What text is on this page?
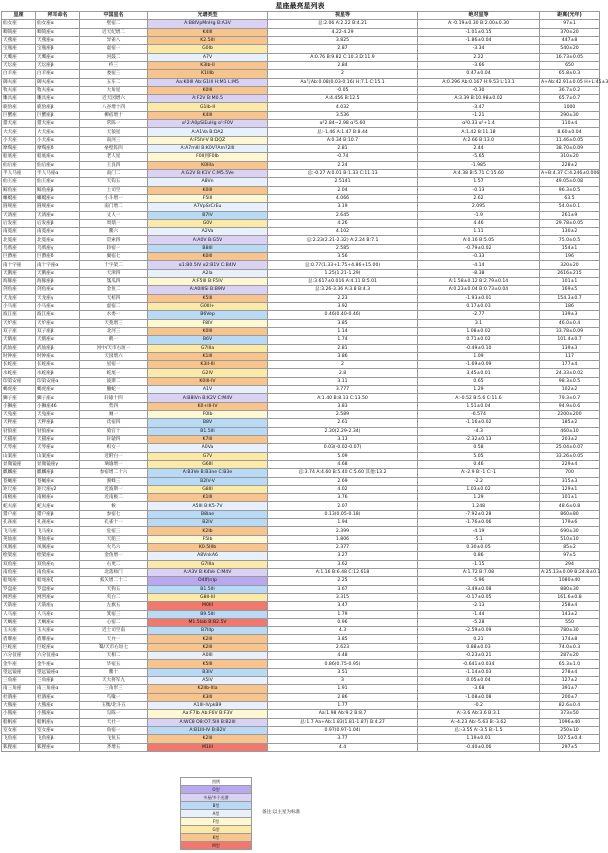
星座最亮星列表
星座	拜耳命名	中国星名	光谱类型	视星等	绝对星等	距离(光年)
仙女座	仙女座α	壁宿二	A:B8IVpMnHg B:A3V	总:2.06 A:2.22 B:4.21	A:-0.19±0.30 B:2.00±0.30	97±1
唧筒座	唧筒座α	近天纪增二	K4III	4.22-4.29	-1.01±0.15	370±20
天燕座	天燕座α	异雀八	K2.5III	3.825	-1.86±0.04	447±8
宝瓶座	宝瓶座β	虚宿一	G0Ib	2.87	-3.34	540±20
天鹰座	天鹰座α	河鼓二	A7V	A:0.76 B:9.82 C:10.3 D:11.9	2.22	16.73±0.05
天坛座	天坛座β	杵三	K3Ib-II	2.84	-3.66	650
白羊座	白羊座α	娄宿三	K1IIIb	2	0.47±0.04	65.8±0.3
御夫座	御夫座α	五车二	Aa:K0III Ab:G1III H:M1 L:M5	Aa与Ab:0.08(0.03-0.16) H:7.1 C:15.1	A:0.296 Ab:0.167 H:9.53 L:13.1	A+Ab:42.91±0.05 H+L:45±3
牧夫座	牧夫座α	大角星	K0III	-0.05	-0.30	36.7±0.2
雕具座	雕具座α	近天园增六	A:F2V B:M0.5	A:4.456 B:12.5	A:3.39 B:10.98±0.02	65.7±0.7
鹿豹座	鹿豹座β	八谷增十四	G1Ib-II	4.032	-3.47	1000
巨蟹座	巨蟹座β	柳宿增十	K4III	3.536	-1.21	290±30
猎犬座	猎犬座α	常陈一	α¹2:A0pSiEuHg α¹:F0V	α²2.84~2.98 α¹5.60	α²0.33 α¹+1.4	110±4
大犬座	大犬座α	天狼星	A:A1Va B:DA2	总:-1.46 A:1.47 B:8.44	A:1.42 B:11.18	8.60±0.04
小犬座	小犬座α	南河三	A:F5IV-V B:DQZ	A:0.34 B:10.7	A:2.66 B:13.0	11.46±0.05
摩羯座	摩羯座δ	垒壁阵四	A:A7mIII B:K0V?Am?2III	2.81	2.44	38.70±0.09
船底座	船底座α	老人星	F0II到F0Ib	-0.74	-5.65	310±20
仙后座	仙后座α	王良四	K0IIIa	2.24	-1.985	228±2
半人马座	半人马座α	南门二	A:G2V B:K1V C:M5.5Ve	总:-0.27 A:0.01 B:1.33 C:11.13	A:4.38 B:5.71 C:15.60	A+B:4.37 C:4.246±0.006
仙王座	仙王座α	天钩五	A8Vn	2.5141	1.57	49.05±0.08
鲸鱼座	鲸鱼座β	土司空	K0III	2.04	-0.13	96.3±0.5
蝘蜓座	蝘蜓座α	小斗增一	F5III	4.066	2.62	63.5
圆规座	圆规座α	南门增二	A7VpSrCrEu	3.19	2.095	54.0±0.1
天鸽座	天鸽座α	丈人一	B7IV	2.645	-1.9	261±9
后发座	后发座β	周鼎一	G0V	4.26	4.46	29.78±0.05
南冕座	南冕座α	鳖六	A2Va	4.102	1.11	130±2
北冕座	北冕座α	贯索四	A:A0V B:G5V	总:2.23(2.21-2.32) A:2.24 B:7.1	A:0.16 B:5.05	75.0±0.5
乌鸦座	乌鸦座γ	轸宿一	B8III	2.585	-0.79±0.02	154±1
巨爵座	巨爵座δ	翼宿七	K0III	3.56	-0.33	196
南十字座	南十字座α	十字架二	α1:B0.5IV α2:B1V C:B4IV	总:0.77(1.33+1.75+4.86+15.00)	-4.14	320±20
天鹅座	天鹅座α	天津四	A2Ia	1.25(1.21-1.29)	-8.38	2616±215
海豚座	海豚座β	瓠瓜四	A:F5III B:F5IV	总:3.617±0.016 A:4.11 B:5.01	A:1.58±0.12 B:2.79±0.14	101±1
剑鱼座	剑鱼座α	金鱼二	A:A0IIISi B:B9IV	总:3.26-3.36 A:3.8 B:4.3	A:0.23±0.04 B:0.73±0.04	169±5
天龙座	天龙座γ	天棓四	K5III	2.23	-1.93±0.01	154.3±0.7
小马座	小马座α	虚宿二	G0III+	3.92	0.17±0.03	186
波江座	波江座α	水委一	B6Vep	0.46(0.40-0.46)	-2.77	139±3
天炉座	天炉座α	天苑增三	F8IV	3.85	3.1	46.0±0.4
双子座	双子座β	北河三	K0III	1.14	1.08±0.02	33.78±0.09
天鹤座	天鹤座α	鹤一	B6V	1.74	0.71±0.02	101.4±0.7
武仙座	武仙座β	河中/天市右垣一	G7IIIa	2.81	-0.49±0.10	139±3
时钟座	时钟座α	天园增六	K1III	3.86	1.09	117
长蛇座	长蛇座α	星宿一	K3II-III	2	-1.69±0.09	177±4
水蛇座	水蛇座β	蛇尾一	G2IV	2.8	3.45±0.01	24.33±0.02
印第安座	印第安座α	波斯二	K0III-IV	3.11	0.65	98.3±0.5
蝎虎座	蝎虎座α	螣蛇一	A1V	3.777	1.29	102±2
狮子座	狮子座α	轩辕十四	A:B8IVn B:K2V C:M4V	A:1.40 B:8.13 C:13.50	A:-0.52 B:5.6 C:11.6	79.3±0.7
小狮座	小狮座46	势四	K0+III-IV	3.83	1.51±0.04	94.9±0.6
天兔座	天兔座α	厕一	F0Ib	2.589	-6.574	2200±200
天秤座	天秤座β	氐宿四	B8V	2.61	-1.16±0.02	185±2
豺狼座	豺狼座α	骑官十	B1.5III	2.30(2.29-2.34)	-4.3	460±10
天猫座	天猫座α	轩辕四	K7III	3.13	-2.32±0.13	203±2
天琴座	天琴座α	织女一	A0Va	0.03(-0.02-0.07)	0.58	25.04±0.07
山案座	山案座α	近附白一	G7V	5.09	5.05	33.26±0.05
显微镜座	显微镜座γ	璃瑜增一	G6III	4.68	0.46	229±4
麒麟座	麒麟座β	参宿增二十六	A:B3Ve B:B3ne C:B3e	总:3.74 A:4.60 B:5.40 C:5.60 其他:13.2	A:-2.9 B:-1 C:-1	700
苍蝇座	苍蝇座α	蜜蜂三	B2IV-V	2.69	-2.2	315±3
矩尺座	矩尺座γ2	近波斯一	G8III	4.02	1.03±0.02	129±1
南极座	南极座ν	近南极二	K1III	3.76	1.29	101±1
蛇夫座	蛇夫座α	候	A5III B:K5-7V	2.07	1.248	48.6±0.8
猎户座	猎户座β	参宿七	B8Iae	0.13(0.05-0.18)	-7.92±0.28	860±80
孔雀座	孔雀座α	孔雀十一	B2IV	1.94	-1.76±0.06	179±6
飞马座	飞马座ε	危宿三	K2Ib	2.399	-4.19	690±30
英仙座	英仙座α	天船三	F5Ib	1.806	-5.1	510±10
凤凰座	凤凰座α	火鸟六	K0.5IIIb	2.377	0.30±0.05	85±2
绘架座	绘架座α	金鱼增一	A8VnkA6	3.27	0.86	97±5
双鱼座	双鱼座η	右更二	G7IIIa	3.62	-1.15	294
南鱼座	南鱼座α	北落师门	A:A3V B:K4Ve C:M4V	A:1.16 B:6.48 C:12.618	A:1.72 B:7.08	A:25.13±0.09 B:24.8±0.1
船尾座	船尾座ζ	弧矢增二十二	O4If(n)p	2.25	-5.96	1080±40
罗盘座	罗盘座α	天狗五	B1.5III	3.67	-3.49±0.08	880±30
网罟座	网罟座α	夹白二	G8II-III	3.315	-0.17±0.05	161.6±0.8
天箭座	天箭座γ	左旗五	M0III	3.47	-2.13	258±4
人马座	人马座ε	箕宿三	B9.5III	1.79	-1.44	143±2
天蝎座	天蝎座α	心宿二	M1.5Iab B:B2.5V	0.96	-5.28	550
玉夫座	玉夫座α	近土司空南	B7IIIp	4.3	-2.59±0.09	780±30
盾牌座	盾牌座α	天弁一	K2III	3.85	0.21	174±8
巨蛇座	巨蛇座α	蜀/天市右垣七	K2III	2.623	0.88±0.03	74.0±0.3
六分仪座	六分仪座α	天相二	A0III	4.48	-0.23±0.21	287±20
金牛座	金牛座α	毕宿五	K5III	0.86(0.75-0.95)	-0.641±0.034	65.3±1.0
望远镜座	望远镜座α	鳖十	B3IV	3.51	-1.14±0.03	278±4
三角座	三角座β	天大将军九	A5IV	3	0.05±0.04	127±2
南三角座	南三角座α	三角形三	K2IIb-IIIa	1.91	-3.68	391±7
杜鹃座	杜鹃座α	鸟喙一	K3III	2.86	-1.08±0.08	200±7
大熊座	大熊座ε	玉衡/北斗五	A1III-IVpkB9	1.77	-0.2	82.6±0.4
小熊座	小熊座α	勾陈一	Aa:F7Ib Ab:F6V B:F3V	Aa:1.98 Ab:9.2 B:8.7	A:-3.6 Ab:3.6 B:3.1	373±50
船帆座	船帆座γ	天社一	A:WC8 O8:O7.5III B:B2III	总:1.7 Aa+Ab:1.83(1.81-1.87) B:4.27	A:-4.23 Ab:-5.63 B:-3.62	1096±40
室女座	室女座α	角宿一	A:B1III-IV B:B2V	0.97(0.97-1.04)	总:-3.55 A:-3.5 B:-1.5	250±10
飞鱼座	飞鱼座β	飞鱼五	K2III	3.77	1.19±0.01	107.5±0.4
狐狸座	狐狸座α	齐增五	M1III	4.4	-0.40±0.06	297±5
图例
O型
多星/多个光谱
B型
A型
F型
G型
K型
M型
备注:以主星为标准
